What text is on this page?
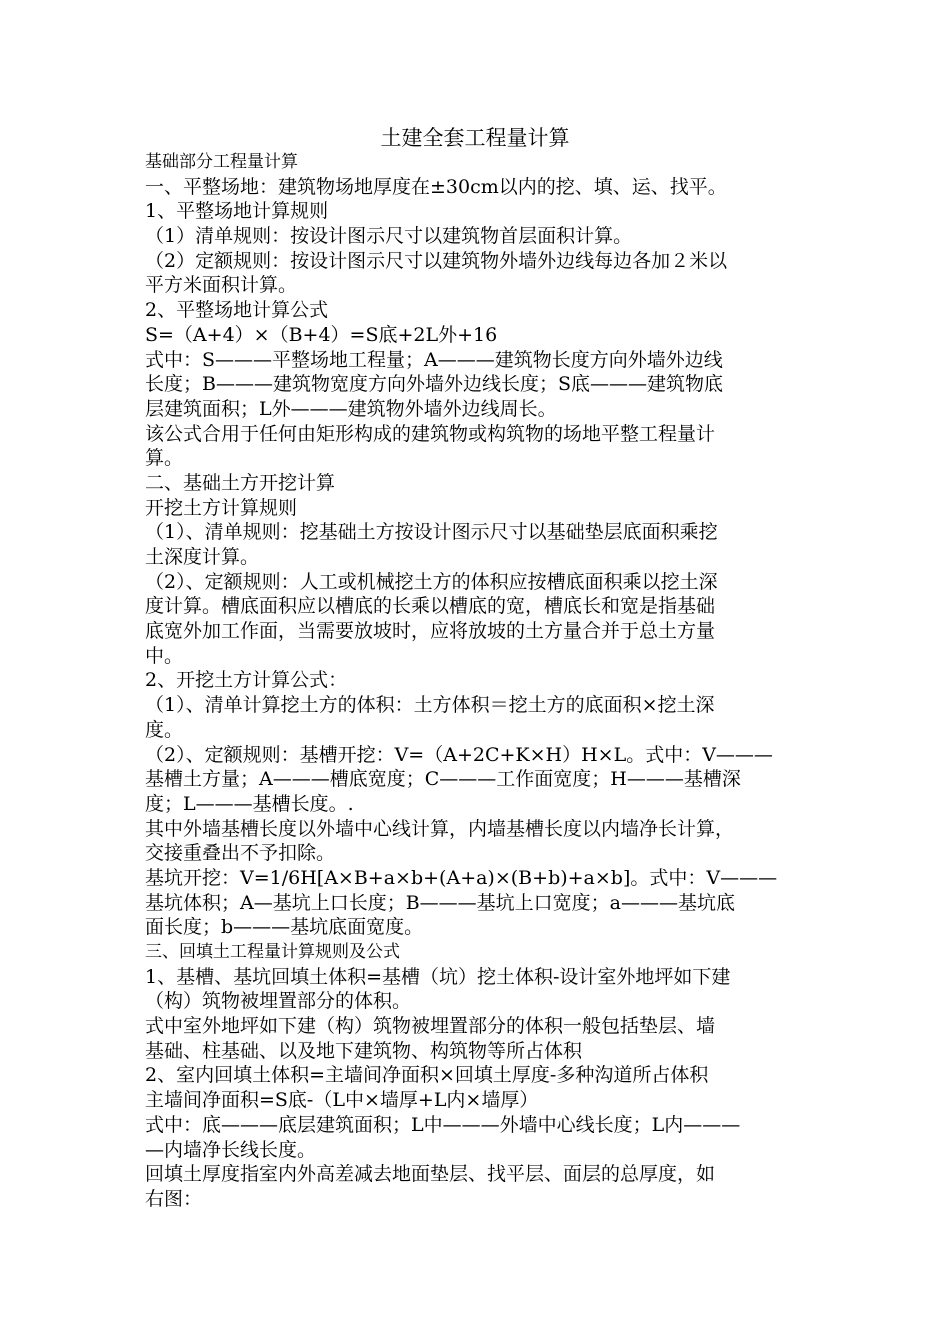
土建全套工程量计算
基础部分工程量计算
一、平整场地：建筑物场地厚度在±30cm以内的挖、填、运、找平。
1、平整场地计算规则
（1）清单规则：按设计图示尺寸以建筑物首层面积计算。
（2）定额规则：按设计图示尺寸以建筑物外墙外边线每边各加２米以
平方米面积计算。
2、平整场地计算公式
S=（A+4）×（B+4）=S底+2L外+16
式中：S———平整场地工程量；A———建筑物长度方向外墙外边线
长度；B———建筑物宽度方向外墙外边线长度；S底———建筑物底
层建筑面积；L外———建筑物外墙外边线周长。
该公式合用于任何由矩形构成的建筑物或构筑物的场地平整工程量计
算。
二、基础土方开挖计算
开挖土方计算规则
（1）、清单规则：挖基础土方按设计图示尺寸以基础垫层底面积乘挖
土深度计算。
（2）、定额规则：人工或机械挖土方的体积应按槽底面积乘以挖土深
度计算。槽底面积应以槽底的长乘以槽底的宽，槽底长和宽是指基础
底宽外加工作面，当需要放坡时，应将放坡的土方量合并于总土方量
中。
2、开挖土方计算公式：
（1）、清单计算挖土方的体积：土方体积＝挖土方的底面积×挖土深
度。
（2）、定额规则：基槽开挖：V=（A+2C+K×H）H×L。式中：V———
基槽土方量；A———槽底宽度；C———工作面宽度；H———基槽深
度；L———基槽长度。.
其中外墙基槽长度以外墙中心线计算，内墙基槽长度以内墙净长计算，
交接重叠出不予扣除。
基坑开挖：V=1/6H[A×B+a×b+(A+a)×(B+b)+a×b]。式中：V———
基坑体积；A—基坑上口长度；B———基坑上口宽度；a———基坑底
面长度；b———基坑底面宽度。
三、回填土工程量计算规则及公式
1、基槽、基坑回填土体积=基槽（坑）挖土体积-设计室外地坪如下建
（构）筑物被埋置部分的体积。
式中室外地坪如下建（构）筑物被埋置部分的体积一般包括垫层、墙
基础、柱基础、以及地下建筑物、构筑物等所占体积
2、室内回填土体积=主墙间净面积×回填土厚度-多种沟道所占体积
主墙间净面积=S底-（L中×墙厚+L内×墙厚）
式中：底———底层建筑面积；L中———外墙中心线长度；L内———
—内墙净长线长度。
回填土厚度指室内外高差减去地面垫层、找平层、面层的总厚度，如
右图：
